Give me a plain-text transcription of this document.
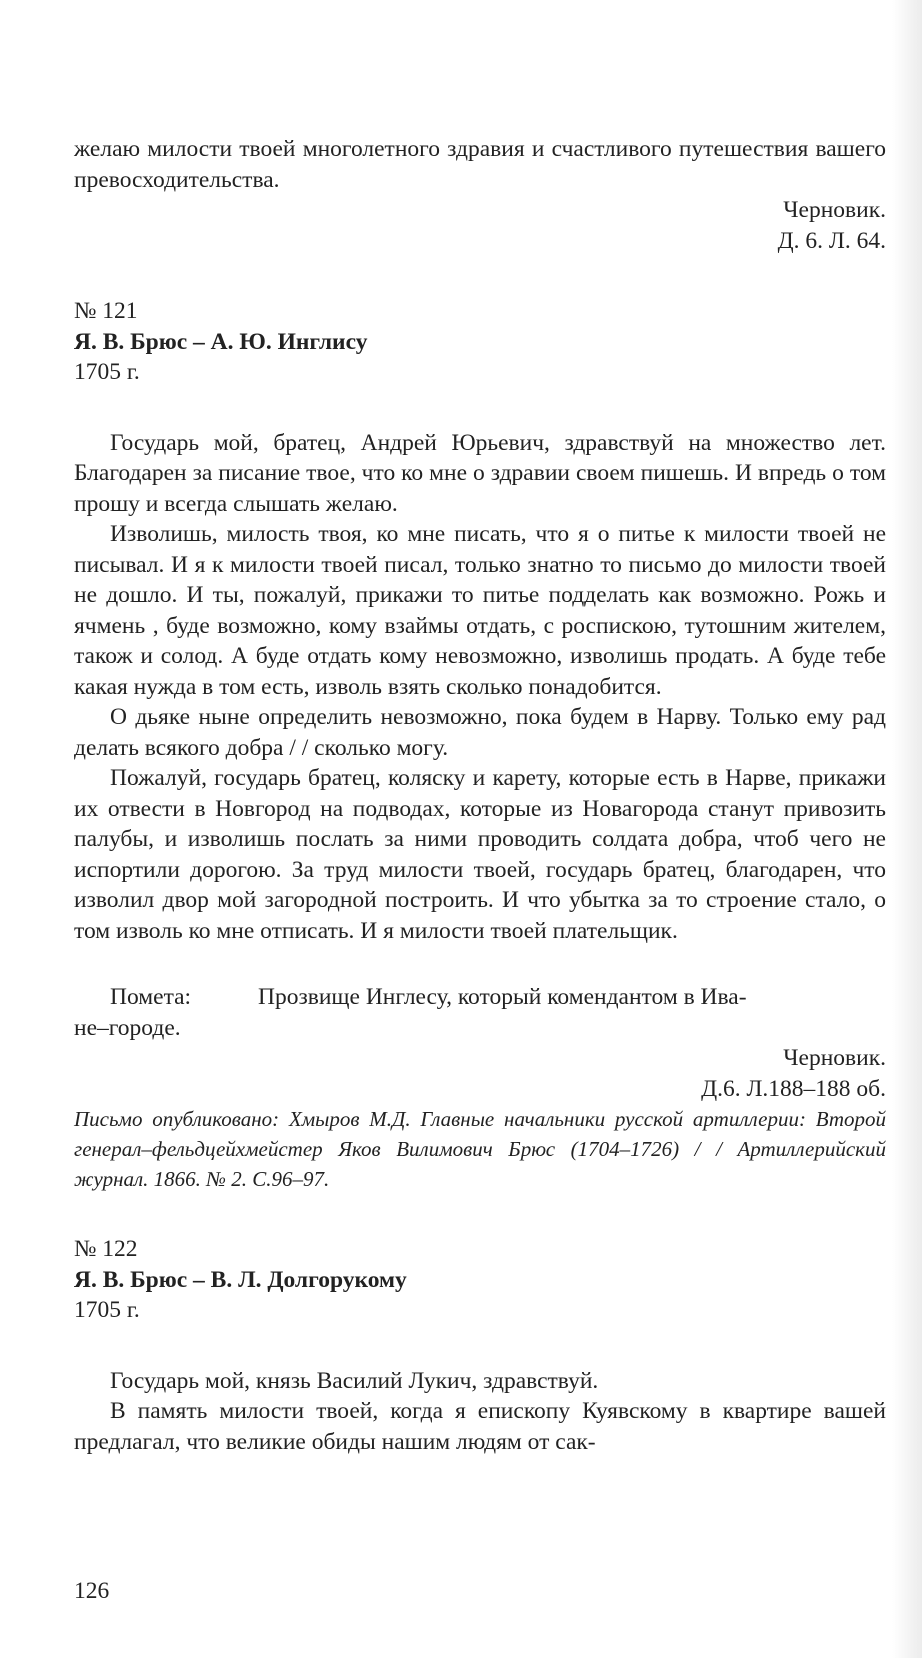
желаю милости твоей многолетного здравия и счастливого путешествия вашего превосходительства.

Черновик.

Д. 6. Л. 64.

№ 121

Я. В. Брюс – А. Ю. Инглису

1705 г.

Государь мой, братец, Андрей Юрьевич, здравствуй на множество лет. Благодарен за писание твое, что ко мне о здравии своем пишешь. И впредь о том прошу и всегда слышать желаю.

Изволишь, милость твоя, ко мне писать, что я о питье к милости твоей не писывал. И я к милости твоей писал, только знатно то письмо до милости твоей не дошло. И ты, пожалуй, прикажи то питье подделать как возможно. Рожь и ячмень , буде возможно, кому взаймы отдать, с роспискою, тутошним жителем, також и солод. А буде отдать кому невозможно, изволишь продать. А буде тебе какая нужда в том есть, изволь взять сколько понадобится.

О дьяке ныне определить невозможно, пока будем в Нарву. Только ему рад делать всякого добра / / сколько могу.

Пожалуй, государь братец, коляску и карету, которые есть в Нарве, прикажи их отвести в Новгород на подводах, которые из Новагорода станут привозить палубы, и изволишь послать за ними проводить солдата добра, чтоб чего не испортили дорогою. За труд милости твоей, государь братец, благодарен, что изволил двор мой загородной построить. И что убытка за то строение стало, о том изволь ко мне отписать. И я милости твоей плательщик.

Помета:	Прозвище Инглесу, который комендантом в Ива-

не–городе.

Черновик.

Д.6. Л.188–188 об.

Письмо опубликовано: Хмыров М.Д. Главные начальники русской артиллерии: Второй генерал–фельдцейхмейстер Яков Вилимович Брюс (1704–1726) / / Артиллерийский журнал. 1866. № 2. С.96–97.

№ 122

Я. В. Брюс – В. Л. Долгорукому

1705 г.

Государь мой, князь Василий Лукич, здравствуй.

В память милости твоей, когда я епископу Куявскому в квартире вашей предлагал, что великие обиды нашим людям от сак-

126
